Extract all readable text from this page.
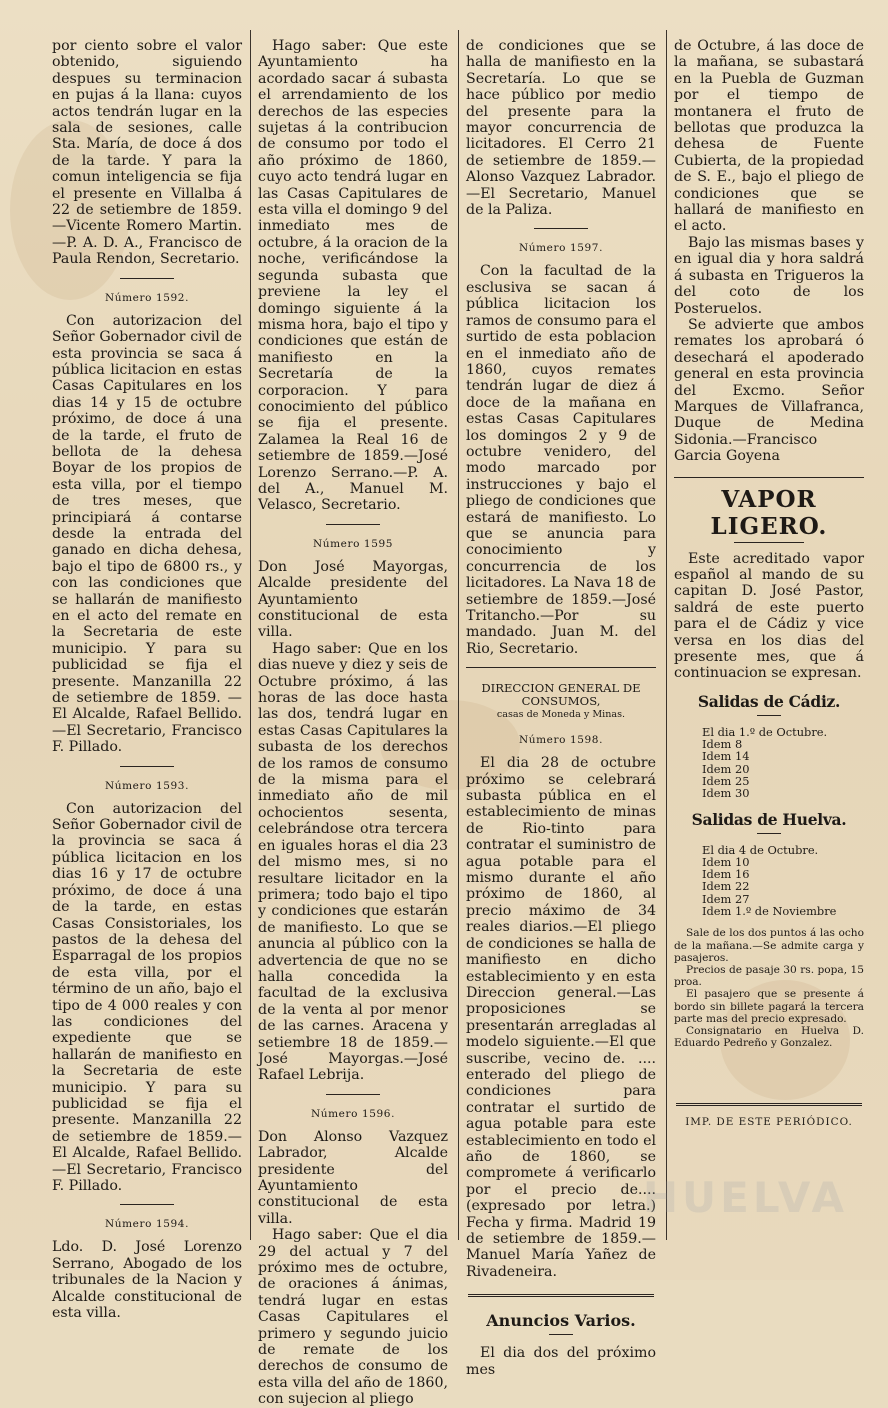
por ciento sobre el valor obtenido, siguiendo despues su terminacion en pujas á la llana: cuyos actos tendrán lugar en la sala de sesiones, calle Sta. María, de doce á dos de la tarde. Y para la comun inteligencia se fija el presente en Villalba á 22 de setiembre de 1859.—Vicente Romero Martin.—P. A. D. A., Francisco de Paula Rendon, Secretario.

Número 1592.

Con autorizacion del Señor Gobernador civil de esta provincia se saca á pública licitacion en estas Casas Capitulares en los dias 14 y 15 de octubre próximo, de doce á una de la tarde, el fruto de bellota de la dehesa Boyar de los propios de esta villa, por el tiempo de tres meses, que principiará á contarse desde la entrada del ganado en dicha dehesa, bajo el tipo de 6800 rs., y con las condiciones que se hallarán de manifiesto en el acto del remate en la Secretaria de este municipio. Y para su publicidad se fija el presente. Manzanilla 22 de setiembre de 1859. —El Alcalde, Rafael Bellido. —El Secretario, Francisco F. Pillado.

Número 1593.

Con autorizacion del Señor Gobernador civil de la provincia se saca á pública licitacion en los dias 16 y 17 de octubre próximo, de doce á una de la tarde, en estas Casas Consistoriales, los pastos de la dehesa del Esparragal de los propios de esta villa, por el término de un año, bajo el tipo de 4 000 reales y con las condiciones del expediente que se hallarán de manifiesto en la Secretaria de este municipio. Y para su publicidad se fija el presente. Manzanilla 22 de setiembre de 1859.—El Alcalde, Rafael Bellido.—El Secretario, Francisco F. Pillado.

Número 1594.

Ldo. D. José Lorenzo Serrano, Abogado de los tribunales de la Nacion y Alcalde constitucional de esta villa.

Hago saber: Que este Ayuntamiento ha acordado sacar á subasta el arrendamiento de los derechos de las especies sujetas á la contribucion de consumo por todo el año próximo de 1860, cuyo acto tendrá lugar en las Casas Capitulares de esta villa el domingo 9 del inmediato mes de octubre, á la oracion de la noche, verificándose la segunda subasta que previene la ley el domingo siguiente á la misma hora, bajo el tipo y condiciones que están de manifiesto en la Secretaría de la corporacion. Y para conocimiento del público se fija el presente. Zalamea la Real 16 de setiembre de 1859.—José Lorenzo Serrano.—P. A. del A., Manuel M. Velasco, Secretario.

Número 1595

Don José Mayorgas, Alcalde presidente del Ayuntamiento constitucional de esta villa.

Hago saber: Que en los dias nueve y diez y seis de Octubre próximo, á las horas de las doce hasta las dos, tendrá lugar en estas Casas Capitulares la subasta de los derechos de los ramos de consumo de la misma para el inmediato año de mil ochocientos sesenta, celebrándose otra tercera en iguales horas el dia 23 del mismo mes, si no resultare licitador en la primera; todo bajo el tipo y condiciones que estarán de manifiesto. Lo que se anuncia al público con la advertencia de que no se halla concedida la facultad de la exclusiva de la venta al por menor de las carnes. Aracena y setiembre 18 de 1859.—José Mayorgas.—José Rafael Lebrija.

Número 1596.

Don Alonso Vazquez Labrador, Alcalde presidente del Ayuntamiento constitucional de esta villa.

Hago saber: Que el dia 29 del actual y 7 del próximo mes de octubre, de oraciones á ánimas, tendrá lugar en estas Casas Capitulares el primero y segundo juicio de remate de los derechos de consumo de esta villa del año de 1860, con sujecion al pliego

de condiciones que se halla de manifiesto en la Secretaría. Lo que se hace público por medio del presente para la mayor concurrencia de licitadores. El Cerro 21 de setiembre de 1859.—Alonso Vazquez Labrador.—El Secretario, Manuel de la Paliza.

Número 1597.

Con la facultad de la esclusiva se sacan á pública licitacion los ramos de consumo para el surtido de esta poblacion en el inmediato año de 1860, cuyos remates tendrán lugar de diez á doce de la mañana en estas Casas Capitulares los domingos 2 y 9 de octubre venidero, del modo marcado por instrucciones y bajo el pliego de condiciones que estará de manifiesto. Lo que se anuncia para conocimiento y concurrencia de los licitadores. La Nava 18 de setiembre de 1859.—José Tritancho.—Por su mandado. Juan M. del Rio, Secretario.

DIRECCION GENERAL DE CONSUMOS,
casas de Moneda y Minas.
Número 1598.

El dia 28 de octubre próximo se celebrará subasta pública en el establecimiento de minas de Rio-tinto para contratar el suministro de agua potable para el mismo durante el año próximo de 1860, al precio máximo de 34 reales diarios.—El pliego de condiciones se halla de manifiesto en dicho establecimiento y en esta Direccion general.—Las proposiciones se presentarán arregladas al modelo siguiente.—El que suscribe, vecino de. .... enterado del pliego de condiciones para contratar el surtido de agua potable para este establecimiento en todo el año de 1860, se compromete á verificarlo por el precio de.... (expresado por letra.) Fecha y firma. Madrid 19 de setiembre de 1859.—Manuel María Yañez de Rivadeneira.

Anuncios Varios.

El dia dos del próximo mes

de Octubre, á las doce de la mañana, se subastará en la Puebla de Guzman por el tiempo de montanera el fruto de bellotas que produzca la dehesa de Fuente Cubierta, de la propiedad de S. E., bajo el pliego de condiciones que se hallará de manifiesto en el acto.

Bajo las mismas bases y en igual dia y hora saldrá á subasta en Trigueros la del coto de los Posteruelos.

Se advierte que ambos remates los aprobará ó desechará el apoderado general en esta provincia del Excmo. Señor Marques de Villafranca, Duque de Medina Sidonia.—Francisco Garcia Goyena

VAPOR LIGERO.

Este acreditado vapor español al mando de su capitan D. José Pastor, saldrá de este puerto para el de Cádiz y vice versa en los dias del presente mes, que á continuacion se expresan.

Salidas de Cádiz.
El dia 1.º de Octubre.
Idem 8
Idem 14
Idem 20
Idem 25
Idem 30
Salidas de Huelva.
El dia 4 de Octubre.
Idem 10
Idem 16
Idem 22
Idem 27
Idem 1.º de Noviembre

Sale de los dos puntos á las ocho de la mañana.—Se admite carga y pasajeros.

Precios de pasaje 30 rs. popa, 15 proa.

El pasajero que se presente á bordo sin billete pagará la tercera parte mas del precio expresado.

Consignatario en Huelva D. Eduardo Pedreño y Gonzalez.

IMP. DE ESTE PERIÓDICO.
HUELVA
